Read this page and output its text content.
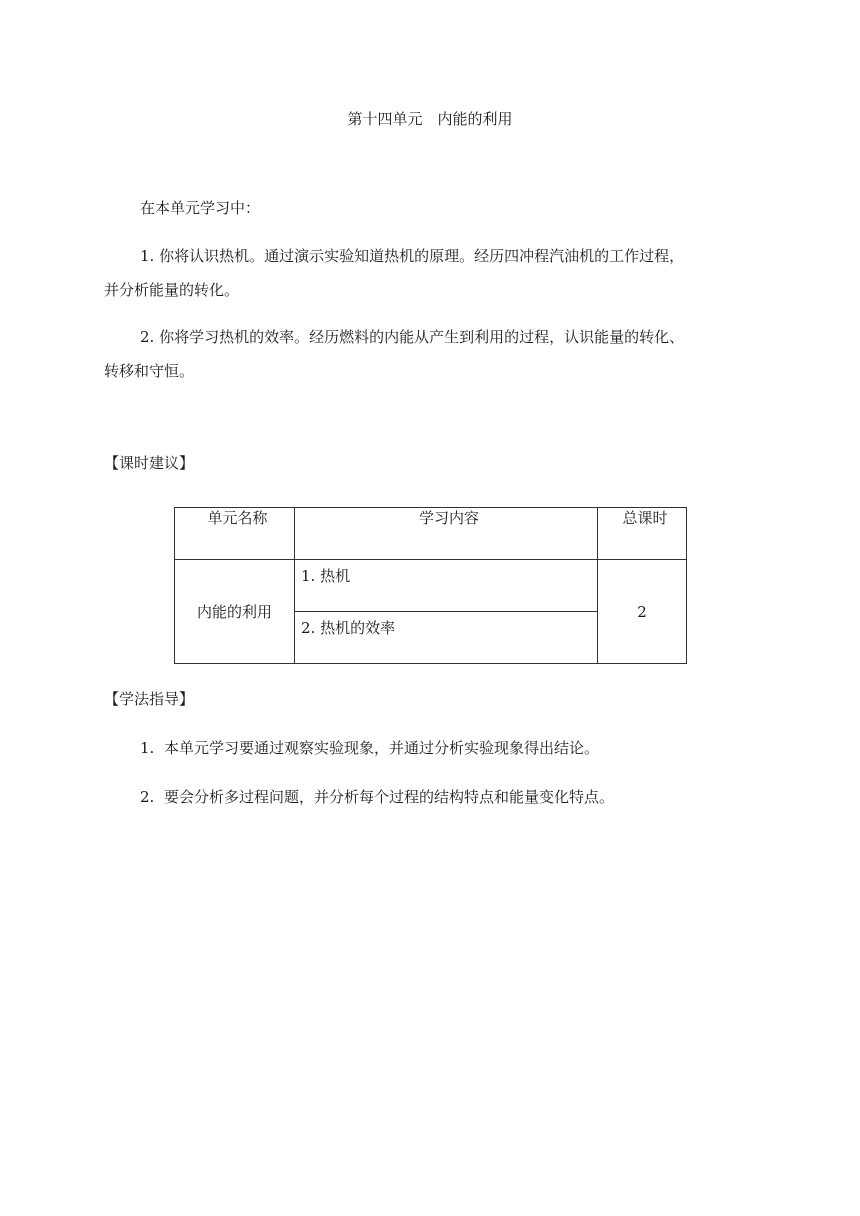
第十四单元　内能的利用
在本单元学习中：
1. 你将认识热机。通过演示实验知道热机的原理。经历四冲程汽油机的工作过程，
并分析能量的转化。
2. 你将学习热机的效率。经历燃料的内能从产生到利用的过程，认识能量的转化、
转移和守恒。
【课时建议】
单元名称	学习内容	总课时
内能的利用	1. 热机	2
	2. 热机的效率	
【学法指导】
1. 本单元学习要通过观察实验现象，并通过分析实验现象得出结论。
2. 要会分析多过程问题，并分析每个过程的结构特点和能量变化特点。
